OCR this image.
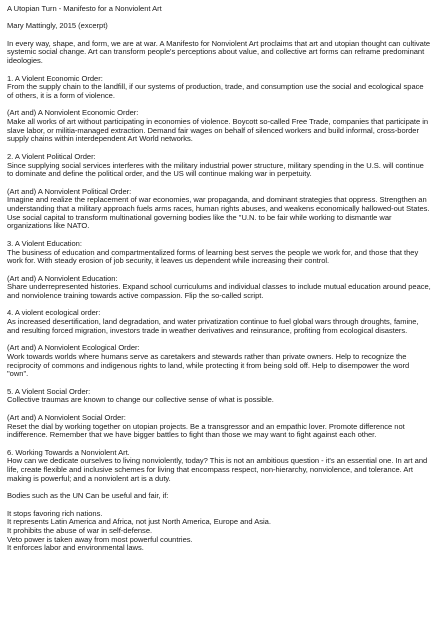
A Utopian Turn - Manifesto for a Nonviolent Art

Mary Mattingly, 2015 (excerpt)

In every way, shape, and form, we are at war. A Manifesto for Nonviolent Art proclaims that art and utopian thought can cultivate systemic social change. Art can transform people's perceptions about value, and collective art forms can reframe predominant ideologies.

1. A Violent Economic Order:

From the supply chain to the landfill, if our systems of production, trade, and consumption use the social and ecological space of others, it is a form of violence.

(Art and) A Nonviolent Economic Order:

Make all works of art without participating in economies of violence. Boycott so-called Free Trade, companies that participate in slave labor, or militia-managed extraction. Demand fair wages on behalf of silenced workers and build informal, cross-border supply chains within interdependent Art World networks.

2. A Violent Political Order:

Since supplying social services interferes with the military industrial power structure, military spending in the U.S. will continue to dominate and define the political order, and the US will continue making war in perpetuity.

(Art and) A Nonviolent Political Order:

Imagine and realize the replacement of war economies, war propaganda, and dominant strategies that oppress. Strengthen an understanding that a military approach fuels arms races, human rights abuses, and weakens economically hallowed-out States. Use social capital to transform multinational governing bodies like the "U.N. to be fair while working to dismantle war organizations like NATO.

3. A Violent Education:

The business of education and compartmentalized forms of learning best serves the people we work for, and those that they work for. With steady erosion of job security, it leaves us dependent while increasing their control.

(Art and) A Nonviolent Education:

Share underrepresented histories. Expand school curriculums and individual classes to include mutual education around peace, and nonviolence training towards active compassion. Flip the so-called script.

4. A violent ecological order:

As increased desertification, land degradation, and water privatization continue to fuel global wars through droughts, famine, and resulting forced migration, investors trade in weather derivatives and reinsurance, profiting from ecological disasters.

(Art and) A Nonviolent Ecological Order:

Work towards worlds where humans serve as caretakers and stewards rather than private owners. Help to recognize the reciprocity of commons and indigenous rights to land, while protecting it from being sold off. Help to disempower the word "own".

5. A Violent Social Order:

Collective traumas are known to change our collective sense of what is possible.

(Art and) A Nonviolent Social Order:

Reset the dial by working together on utopian projects. Be a transgressor and an empathic lover. Promote difference not indifference. Remember that we have bigger battles to fight than those we may want to fight against each other.

6. Working Towards a Nonviolent Art.

How can we dedicate ourselves to living nonviolently, today? This is not an ambitious question - it's an essential one. In art and life, create flexible and inclusive schemes for living that encompass respect, non-hierarchy, nonviolence, and tolerance. Art making is powerful; and a nonviolent art is a duty.

Bodies such as the UN Can be useful and fair, if:

It stops favoring rich nations.

It represents Latin America and Africa, not just North America, Europe and Asia.

It prohibits the abuse of war in self-defense.

Veto power is taken away from most powerful countries.

It enforces labor and environmental laws.
